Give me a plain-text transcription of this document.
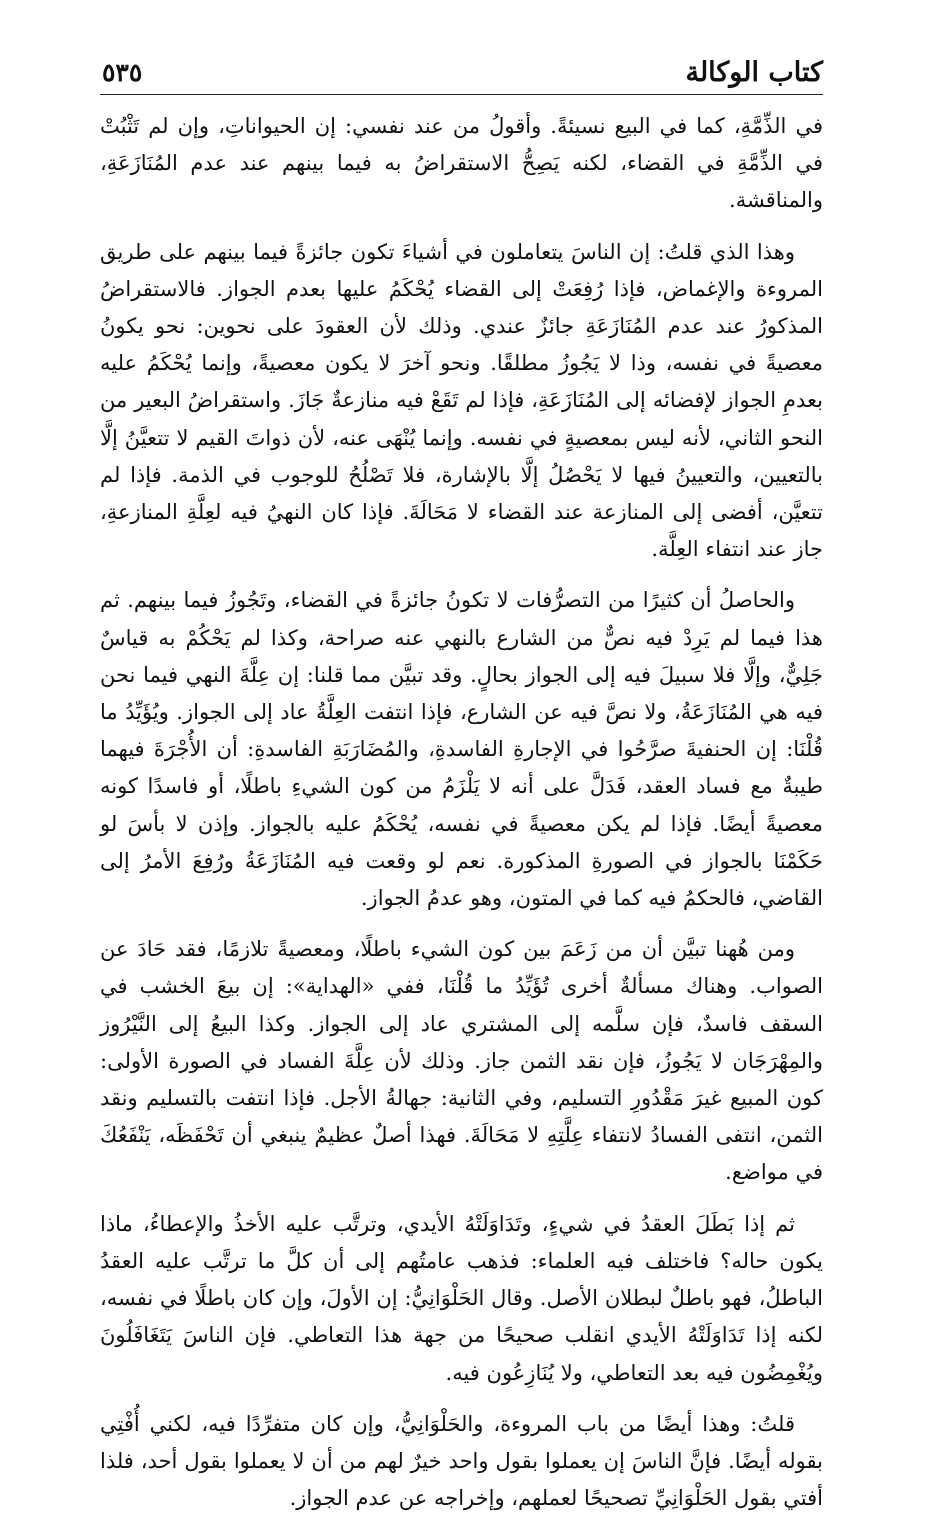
كتاب الوكالة
٥٣٥

في الذِّمَّةِ، كما في البيع نسيئةً. وأقولُ من عند نفسي: إن الحيواناتِ، وإن لم تَثْبُتْ في الذِّمَّةِ في القضاء، لكنه يَصِحُّ الاستقراضُ به فيما بينهم عند عدم المُنَازَعَةِ، والمناقشة.

وهذا الذي قلتُ: إن الناسَ يتعاملون في أشياءَ تكون جائزةً فيما بينهم على طريق المروءة والإغماض، فإذا رُفِعَتْ إلى القضاء يُحْكَمُ عليها بعدم الجواز. فالاستقراضُ المذكورُ عند عدم المُنَازَعَةِ جائزٌ عندي. وذلك لأن العقودَ على نحوين: نحو يكونُ معصيةً في نفسه، وذا لا يَجُوزُ مطلقًا. ونحو آخرَ لا يكون معصيةً، وإنما يُحْكَمُ عليه بعدمِ الجواز لإفضائه إلى المُنَازَعَةِ، فإذا لم تَقَعْ فيه منازعةٌ جَازَ. واستقراضُ البعير من النحو الثاني، لأنه ليس بمعصيةٍ في نفسه. وإنما يُنْهَى عنه، لأن ذواتَ القيم لا تتعيَّنُ إلَّا بالتعيين، والتعيينُ فيها لا يَحْصُلُ إلَّا بالإشارة، فلا تَصْلُحُ للوجوب في الذمة. فإذا لم تتعيَّن، أفضى إلى المنازعة عند القضاء لا مَحَالَةَ. فإذا كان النهيُ فيه لعِلَّةِ المنازعةِ، جاز عند انتفاء العِلَّة.

والحاصلُ أن كثيرًا من التصرُّفات لا تكونُ جائزةً في القضاء، وتَجُوزُ فيما بينهم. ثم هذا فيما لم يَرِدْ فيه نصٌّ من الشارع بالنهي عنه صراحة، وكذا لم يَحْكُمْ به قياسٌ جَلِيٌّ، وإلَّا فلا سبيلَ فيه إلى الجواز بحالٍ. وقد تبيَّن مما قلنا: إن عِلَّةَ النهي فيما نحن فيه هي المُنَازَعَةُ، ولا نصَّ فيه عن الشارع، فإذا انتفت العِلَّةُ عاد إلى الجواز. ويُؤَيِّدُ ما قُلْنَا: إن الحنفيةَ صرَّحُوا في الإجارةِ الفاسدةِ، والمُضَارَبَةِ الفاسدةِ: أن الأُجْرَةَ فيهما طيبةٌ مع فساد العقد، فَدَلَّ على أنه لا يَلْزَمُ من كون الشيءِ باطلًا، أو فاسدًا كونه معصيةً أيضًا. فإذا لم يكن معصيةً في نفسه، يُحْكَمُ عليه بالجواز. وإذن لا بأسَ لو حَكَمْنَا بالجواز في الصورةِ المذكورة. نعم لو وقعت فيه المُنَازَعَةُ ورُفِعَ الأمرُ إلى القاضي، فالحكمُ فيه كما في المتون، وهو عدمُ الجواز.

ومن هُهنا تبيَّن أن من زَعَمَ بين كون الشيء باطلًا، ومعصيةً تلازمًا، فقد حَادَ عن الصواب. وهناك مسألةٌ أخرى تُؤَيِّدُ ما قُلْنَا، ففي «الهداية»: إن بيعَ الخشب في السقف فاسدٌ، فإن سلَّمه إلى المشتري عاد إلى الجواز. وكذا البيعُ إلى النَّيْرُوز والمِهْرَجَان لا يَجُوزُ، فإن نقد الثمن جاز. وذلك لأن عِلَّةَ الفساد في الصورة الأولى: كون المبيع غيرَ مَقْدُورِ التسليم، وفي الثانية: جهالةُ الأجل. فإذا انتفت بالتسليم ونقد الثمن، انتفى الفسادُ لانتفاء عِلَّتِهِ لا مَحَالَةَ. فهذا أصلٌ عظيمٌ ينبغي أن تَحْفَظَه، يَنْفَعُكَ في مواضع.

ثم إذا بَطَلَ العقدُ في شيءٍ، وتَدَاوَلَتْهُ الأيدي، وترتَّب عليه الأخذُ والإعطاءُ، ماذا يكون حاله؟ فاختلف فيه العلماء: فذهب عامتُهم إلى أن كلَّ ما ترتَّب عليه العقدُ الباطلُ، فهو باطلٌ لبطلان الأصل. وقال الحَلْوَانِيُّ: إن الأولَ، وإن كان باطلًا في نفسه، لكنه إذا تَدَاوَلَتْهُ الأيدي انقلب صحيحًا من جهة هذا التعاطي. فإن الناسَ يَتَغَافَلُونَ ويُغْمِضُون فيه بعد التعاطي، ولا يُنَازِعُون فيه.

قلتُ: وهذا أيضًا من باب المروءة، والحَلْوَانِيُّ، وإن كان متفرِّدًا فيه، لكني أُفْتِي بقوله أيضًا. فإنَّ الناسَ إن يعملوا بقول واحد خيرٌ لهم من أن لا يعملوا بقول أحد، فلذا أفتي بقول الحَلْوَانِيِّ تصحيحًا لعملهم، وإخراجه عن عدم الجواز.
